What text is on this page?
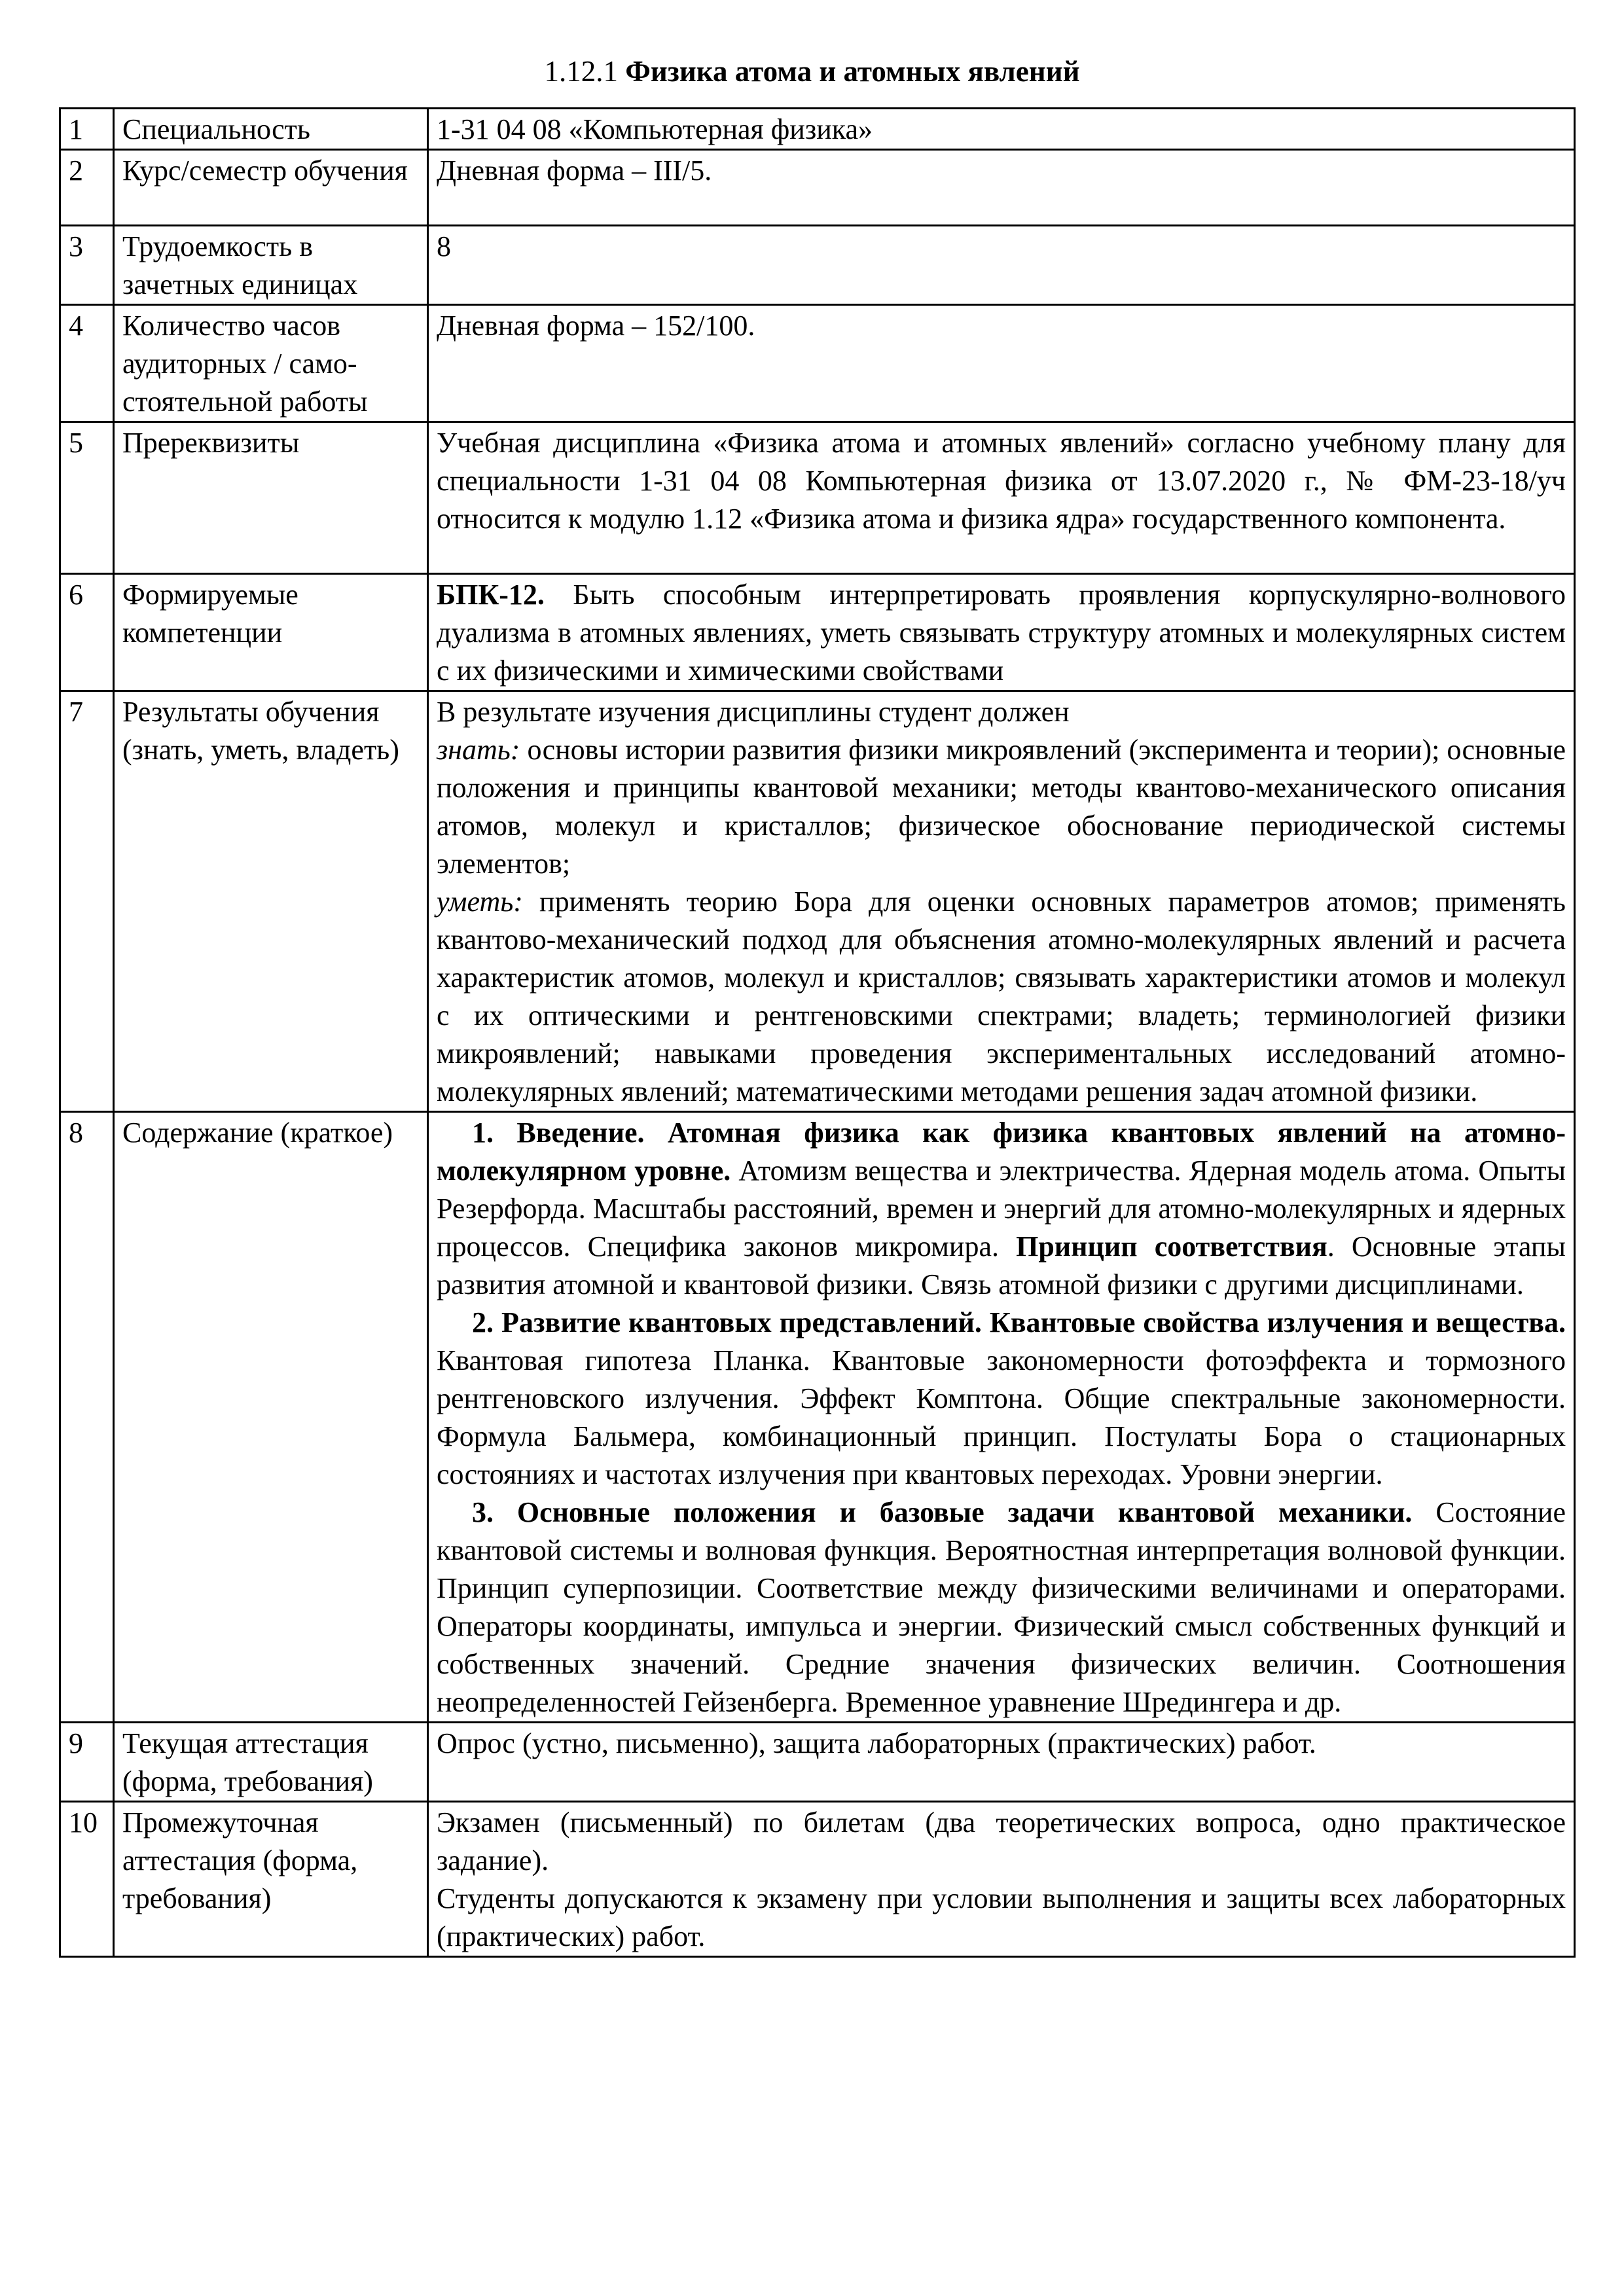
1.12.1 Физика атома и атомных явлений
1	Специальность	1-31 04 08 «Компьютерная физика»
2	Курс/семестр обучения	Дневная форма – III/5.
3	Трудоемкость в зачетных единицах	8
4	Количество часов аудиторных / само-стоятельной работы	Дневная форма – 152/100.
5	Пререквизиты	Учебная дисциплина «Физика атома и атомных явлений» согласно учебному плану для специальности 1-31 04 08 Компьютерная физика от 13.07.2020 г., № ФМ-23-18/уч относится к модулю 1.12 «Физика атома и физика ядра» государственного компонента.
6	Формируемые компетенции	БПК-12. Быть способным интерпретировать проявления корпускулярно-волнового дуализма в атомных явлениях, уметь связывать структуру атомных и молекулярных систем с их физическими и химическими свойствами
7	Результаты обучения (знать, уметь, владеть)	В результате изучения дисциплины студент должен

знать: основы истории развития физики микроявлений (эксперимента и теории); основные положения и принципы квантовой механики; методы квантово-механического описания атомов, молекул и кристаллов; физическое обоснование периодической системы элементов;

уметь: применять теорию Бора для оценки основных параметров атомов; применять квантово-механический подход для объяснения атомно-молекулярных явлений и расчета характеристик атомов, молекул и кристаллов; связывать характеристики атомов и молекул с их оптическими и рентгеновскими спектрами; владеть; терминологией физики микроявлений; навыками проведения экспериментальных исследований атомно-молекулярных явлений; математическими методами решения задач атомной физики.

8	Содержание (краткое)	1. Введение. Атомная физика как физика квантовых явлений на атомно-молекулярном уровне. Атомизм вещества и электричества. Ядерная модель атома. Опыты Резерфорда. Масштабы расстояний, времен и энергий для атомно-молекулярных и ядерных процессов. Специфика законов микромира. Принцип соответствия. Основные этапы развития атомной и квантовой физики. Связь атомной физики с другими дисциплинами.

2. Развитие квантовых представлений. Квантовые свойства излучения и вещества. Квантовая гипотеза Планка. Квантовые закономерности фотоэффекта и тормозного рентгеновского излучения. Эффект Комптона. Общие спектральные закономерности. Формула Бальмера, комбинационный принцип. Постулаты Бора о стационарных состояниях и частотах излучения при квантовых переходах. Уровни энергии.

3. Основные положения и базовые задачи квантовой механики. Состояние квантовой системы и волновая функция. Вероятностная интерпретация волновой функции. Принцип суперпозиции. Соответствие между физическими величинами и операторами. Операторы координаты, импульса и энергии. Физический смысл собственных функций и собственных значений. Средние значения физических величин. Соотношения неопределенностей Гейзенберга. Временное уравнение Шредингера и др.

9	Текущая аттестация (форма, требования)	Опрос (устно, письменно), защита лабораторных (практических) работ.
10	Промежуточная аттестация (форма, требования)	Экзамен (письменный) по билетам (два теоретических вопроса, одно практическое задание).

Студенты допускаются к экзамену при условии выполнения и защиты всех лабораторных (практических) работ.
